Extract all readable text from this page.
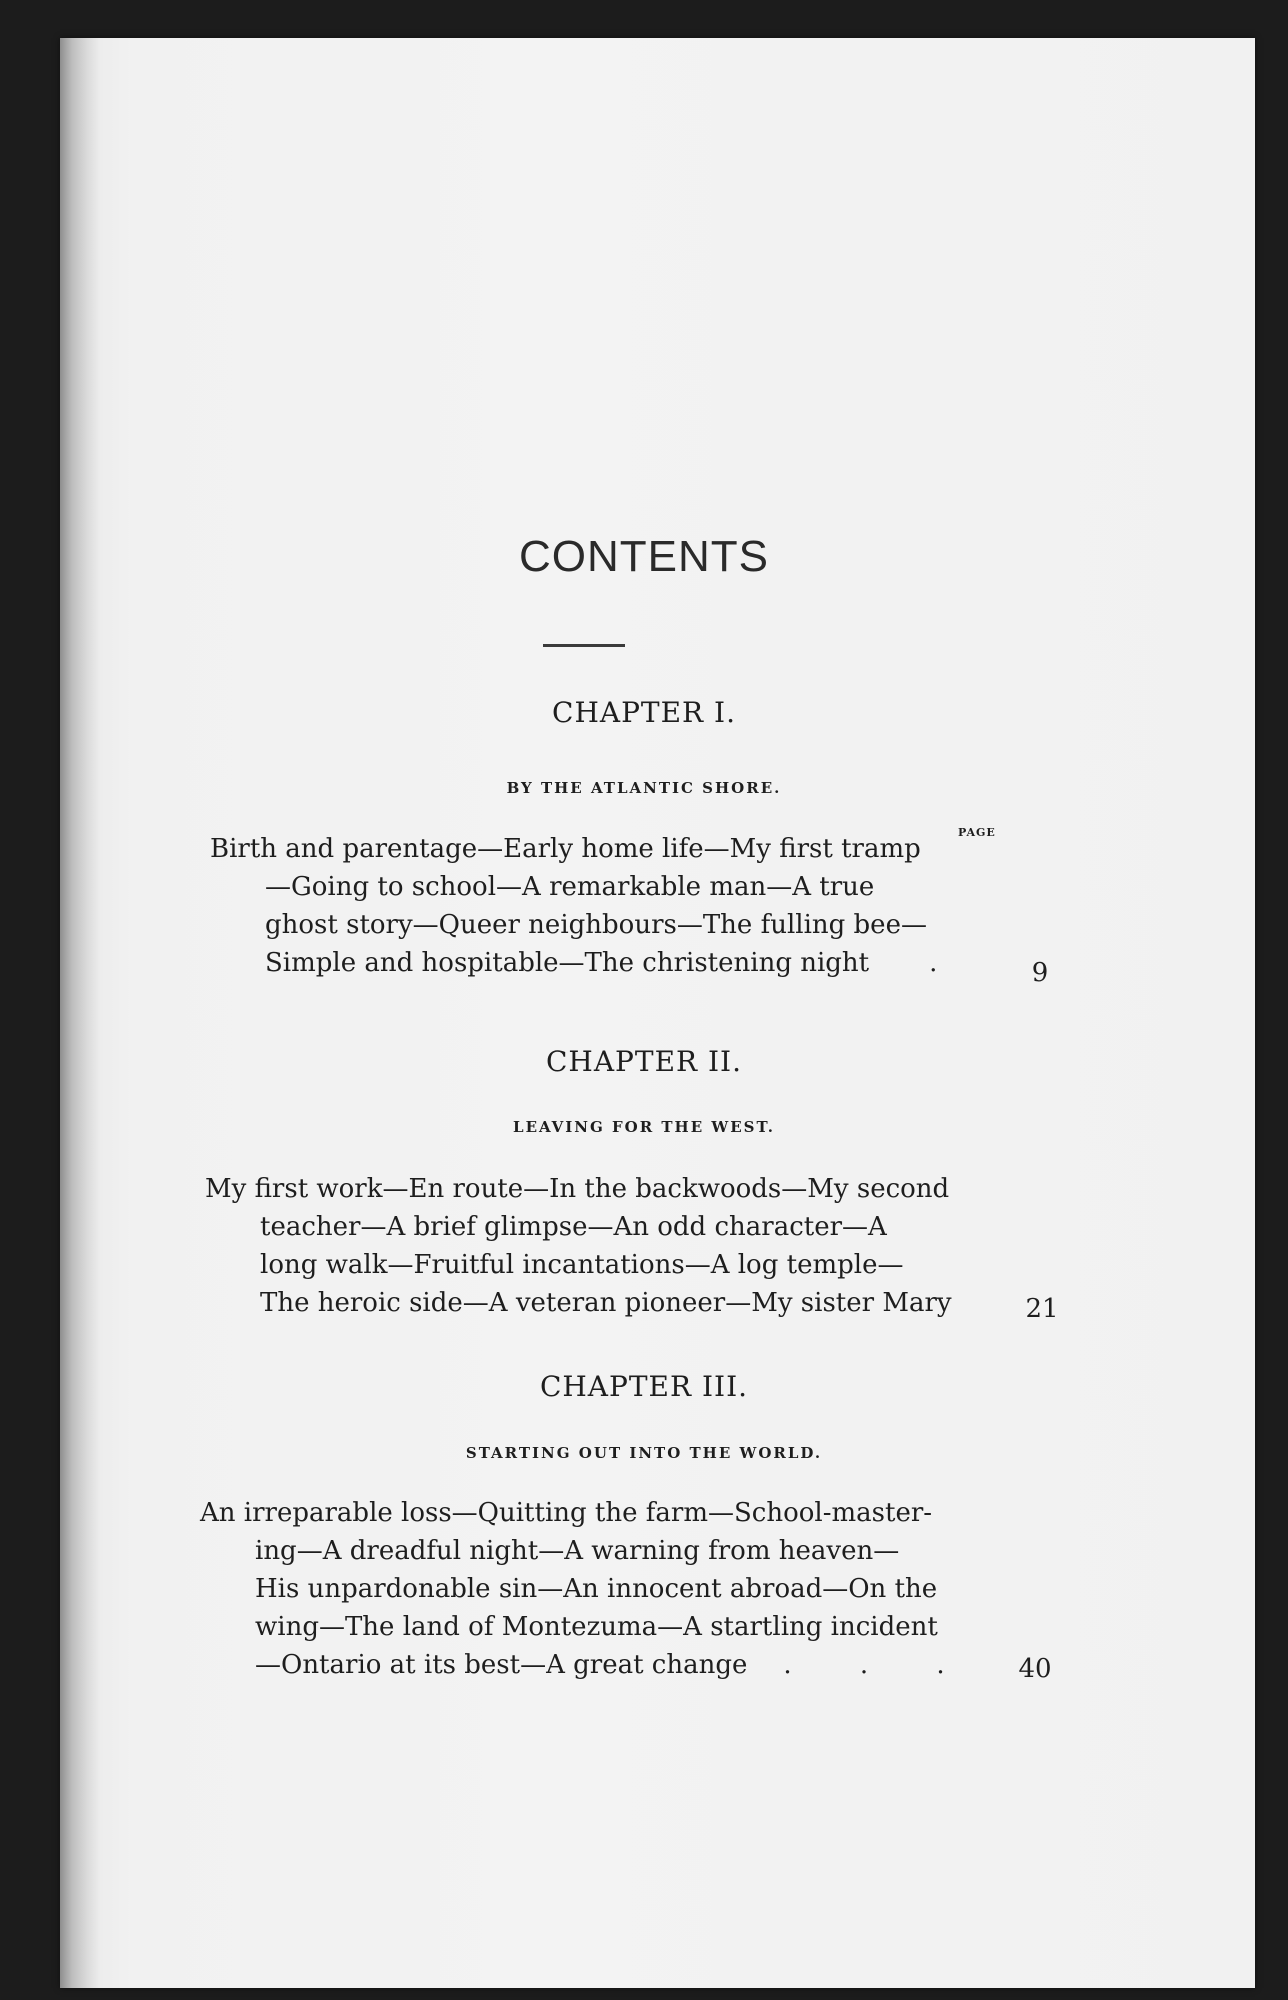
CONTENTS
CHAPTER I.
BY THE ATLANTIC SHORE.
PAGE
Birth and parentage—Early home life—My first tramp
—Going to school—A remarkable man—A true
ghost story—Queer neighbours—The fulling bee—
Simple and hospitable—The christening night .	9
CHAPTER II.
LEAVING FOR THE WEST.
My first work—En route—In the backwoods—My second
teacher—A brief glimpse—An odd character—A
long walk—Fruitful incantations—A log temple—
The heroic side—A veteran pioneer—My sister Mary	21
CHAPTER III.
STARTING OUT INTO THE WORLD.
An irreparable loss—Quitting the farm—School-master-
ing—A dreadful night—A warning from heaven—
His unpardonable sin—An innocent abroad—On the
wing—The land of Montezuma—A startling incident
—Ontario at its best—A great change . . .	40
